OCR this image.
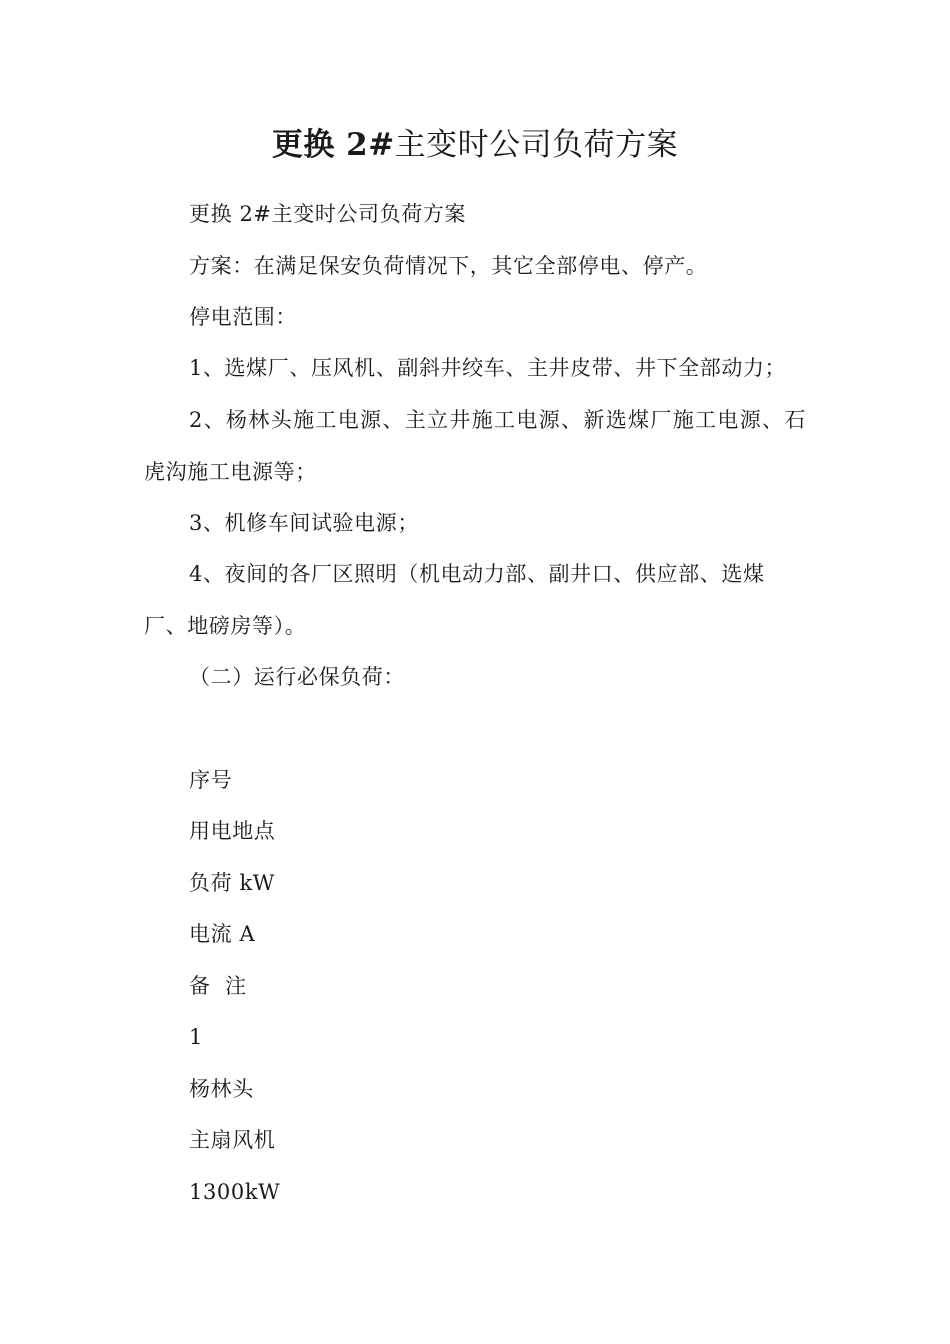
更换 2#主变时公司负荷方案
更换 2#主变时公司负荷方案
方案：在满足保安负荷情况下，其它全部停电、停产。
停电范围：
1、选煤厂、压风机、副斜井绞车、主井皮带、井下全部动力；
2、杨林头施工电源、主立井施工电源、新选煤厂施工电源、石
虎沟施工电源等；
3、机修车间试验电源；
4、夜间的各厂区照明（机电动力部、副井口、供应部、选煤
厂、地磅房等）。
（二）运行必保负荷：
序号
用电地点
负荷 kW
电流 A
备  注
1
杨林头
主扇风机
1300kW
